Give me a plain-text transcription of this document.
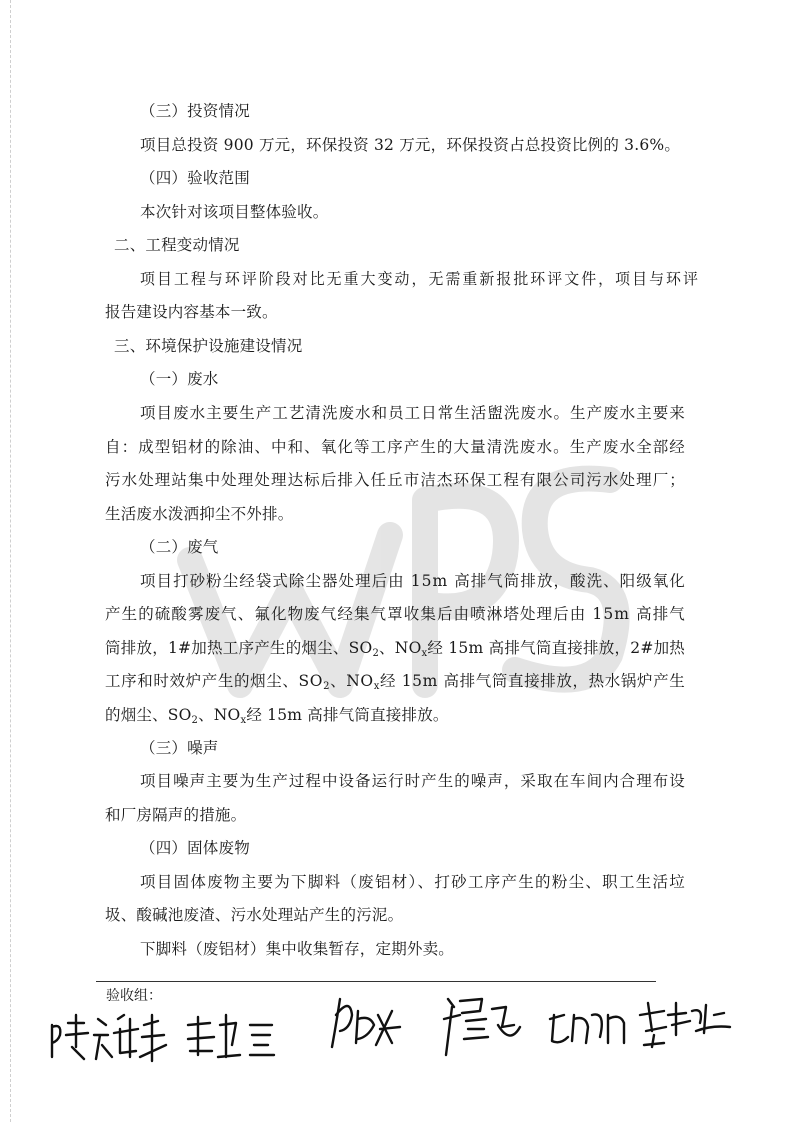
（三）投资情况
项目总投资 900 万元，环保投资 32 万元，环保投资占总投资比例的 3.6%。
（四）验收范围
本次针对该项目整体验收。
二、工程变动情况
项目工程与环评阶段对比无重大变动，无需重新报批环评文件，项目与环评
报告建设内容基本一致。
三、环境保护设施建设情况
（一）废水
项目废水主要生产工艺清洗废水和员工日常生活盥洗废水。生产废水主要来
自：成型铝材的除油、中和、氧化等工序产生的大量清洗废水。生产废水全部经
污水处理站集中处理处理达标后排入任丘市洁杰环保工程有限公司污水处理厂；
生活废水泼洒抑尘不外排。
（二）废气
项目打砂粉尘经袋式除尘器处理后由 15m 高排气筒排放，酸洗、阳级氧化
产生的硫酸雾废气、氟化物废气经集气罩收集后由喷淋塔处理后由 15m 高排气
筒排放，1#加热工序产生的烟尘、$SO_2$、$NO_x$经 15m 高排气筒直接排放，2#加热
工序和时效炉产生的烟尘、$SO_2$、$NO_x$经 15m 高排气筒直接排放，热水锅炉产生
的烟尘、$SO_2$、$NO_x$经 15m 高排气筒直接排放。
（三）噪声
项目噪声主要为生产过程中设备运行时产生的噪声，采取在车间内合理布设
和厂房隔声的措施。
（四）固体废物
项目固体废物主要为下脚料（废铝材）、打砂工序产生的粉尘、职工生活垃
圾、酸碱池废渣、污水处理站产生的污泥。
下脚料（废铝材）集中收集暂存，定期外卖。
验收组：
